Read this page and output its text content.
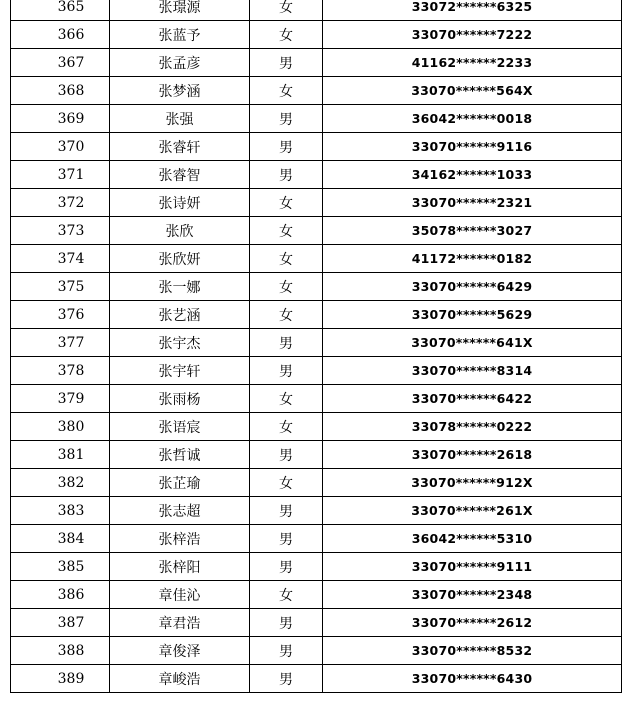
365	张璟源	女	33072******6325
366	张蓝予	女	33070******7222
367	张孟彦	男	41162******2233
368	张梦涵	女	33070******564X
369	张强	男	36042******0018
370	张睿轩	男	33070******9116
371	张睿智	男	34162******1033
372	张诗妍	女	33070******2321
373	张欣	女	35078******3027
374	张欣妍	女	41172******0182
375	张一娜	女	33070******6429
376	张艺涵	女	33070******5629
377	张宇杰	男	33070******641X
378	张宇轩	男	33070******8314
379	张雨杨	女	33070******6422
380	张语宸	女	33078******0222
381	张哲诚	男	33070******2618
382	张芷瑜	女	33070******912X
383	张志超	男	33070******261X
384	张梓浩	男	36042******5310
385	张梓阳	男	33070******9111
386	章佳沁	女	33070******2348
387	章君浩	男	33070******2612
388	章俊泽	男	33070******8532
389	章峻浩	男	33070******6430
